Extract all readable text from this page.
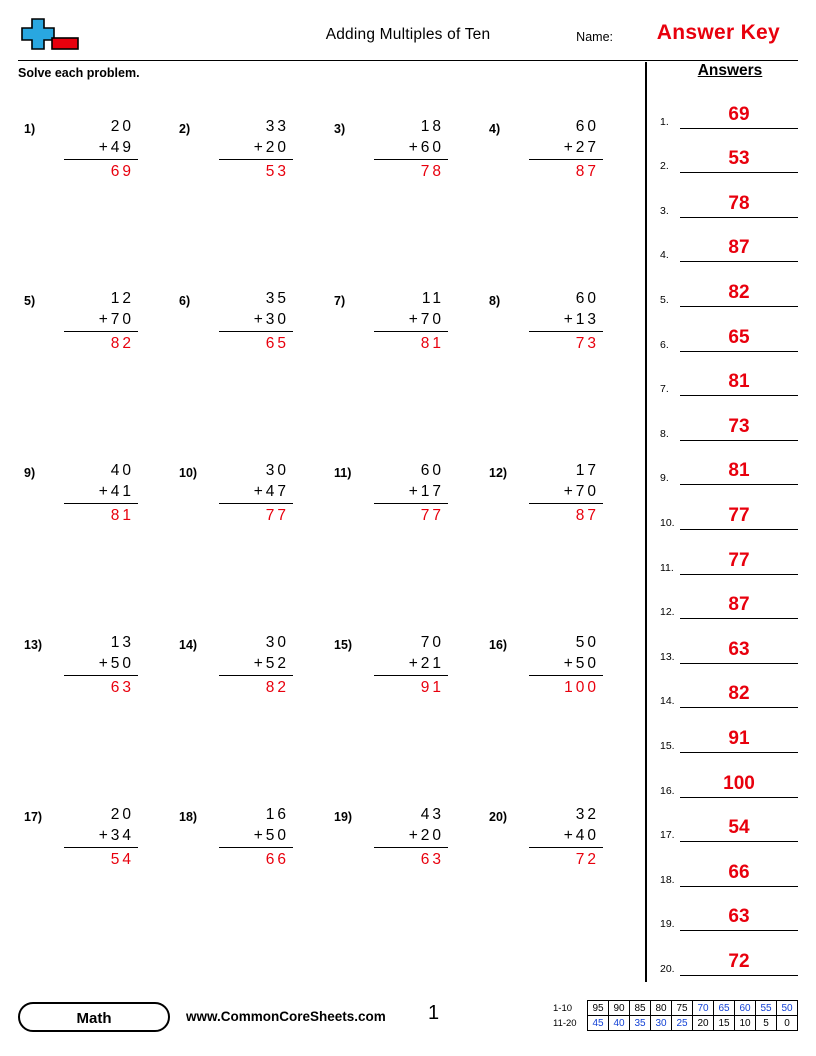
Adding Multiples of Ten	Name: Answer Key
Solve each problem.
1)	20
+49
69
2)	33
+20
53
3)	18
+60
78
4)	60
+27
87
5)	12
+70
82
6)	35
+30
65
7)	11
+70
81
8)	60
+13
73
9)	40
+41
81
10)	30
+47
77
11)	60
+17
77
12)	17
+70
87
13)	13
+50
63
14)	30
+52
82
15)	70
+21
91
16)	50
+50
100
17)	20
+34
54
18)	16
+50
66
19)	43
+20
63
20)	32
+40
72
Answers
1.	69
2.	53
3.	78
4.	87
5.	82
6.	65
7.	81
8.	73
9.	81
10.	77
11.	77
12.	87
13.	63
14.	82
15.	91
16.	100
17.	54
18.	66
19.	63
20.	72
Math	www.CommonCoreSheets.com 1	1-10	95	90	85	80	75	70	65	60	55	50
11-20	45	40	35	30	25	20	15	10	5	0
